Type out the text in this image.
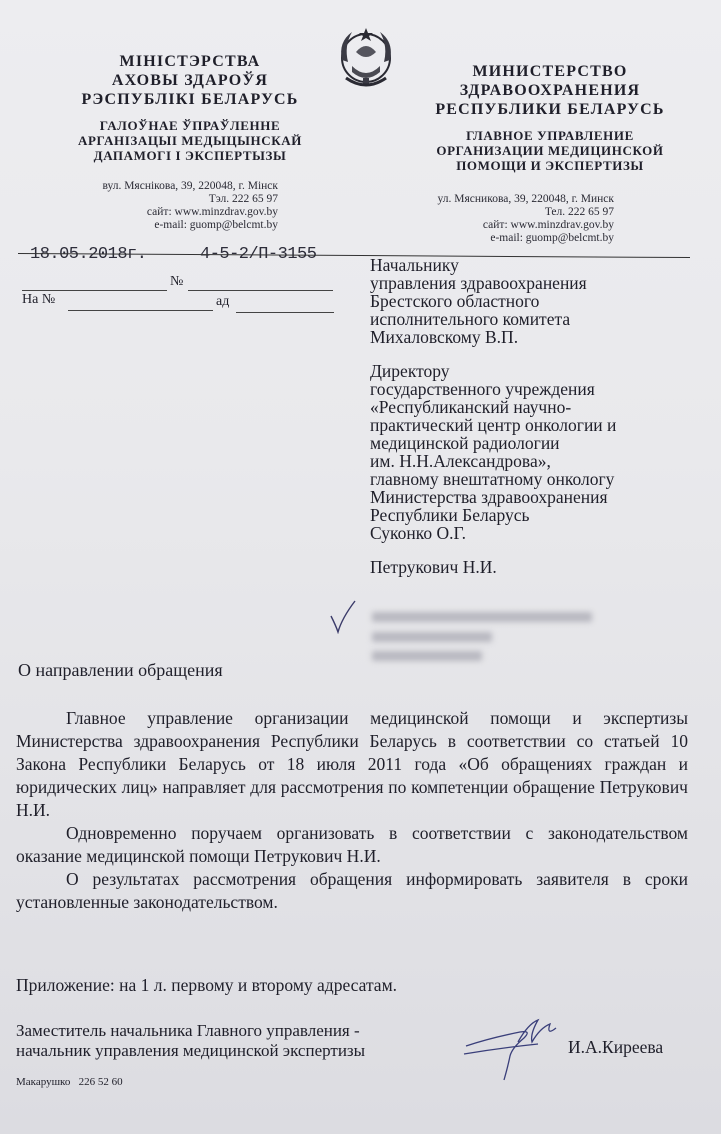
МIНIСТЭРСТВА
АХОВЫ ЗДАРОЎЯ
РЭСПУБЛIКI БЕЛАРУСЬ
ГАЛОЎНАЕ ЎПРАЎЛЕННЕ
АРГАНIЗАЦЫI МЕДЫЦЫНСКАЙ
ДАПАМОГI I ЭКСПЕРТЫЗЫ
вул. Мяснiкова, 39, 220048, г. Мiнск
Тэл. 222 65 97
сайт: www.minzdrav.gov.by
e-mail: guomp@belcmt.by
МИНИСТЕРСТВО
ЗДРАВООХРАНЕНИЯ
РЕСПУБЛИКИ БЕЛАРУСЬ
ГЛАВНОЕ УПРАВЛЕНИЕ
ОРГАНИЗАЦИИ МЕДИЦИНСКОЙ
ПОМОЩИ И ЭКСПЕРТИЗЫ
ул. Мясникова, 39, 220048, г. Минск
Тел. 222 65 97
сайт: www.minzdrav.gov.by
e-mail: guomp@belcmt.by
18.05.2018г.	4-5-2/П-3155
№
На №	ад

Начальнику

управления здравоохранения

Брестского областного

исполнительного комитета

Михаловскому В.П.

Директору

государственного учреждения

«Республиканский научно-

практический центр онкологии и

медицинской радиологии

им. Н.Н.Александрова»,

главному внештатному онкологу

Министерства здравоохранения

Республики Беларусь

Суконко О.Г.

Петрукович Н.И.

О направлении обращения

Главное управление организации медицинской помощи и экспертизы Министерства здравоохранения Республики Беларусь в соответствии со статьей 10 Закона Республики Беларусь от 18 июля 2011 года «Об обращениях граждан и юридических лиц» направляет для рассмотрения по компетенции обращение Петрукович Н.И.

Одновременно поручаем организовать в соответствии с законодательством оказание медицинской помощи Петрукович Н.И.

О результатах рассмотрения обращения информировать заявителя в сроки установленные законодательством.

Приложение: на 1 л. первому и второму адресатам.
Заместитель начальника Главного управления -
начальник управления медицинской экспертизы	И.А.Киреева
Макарушко   226 52 60
